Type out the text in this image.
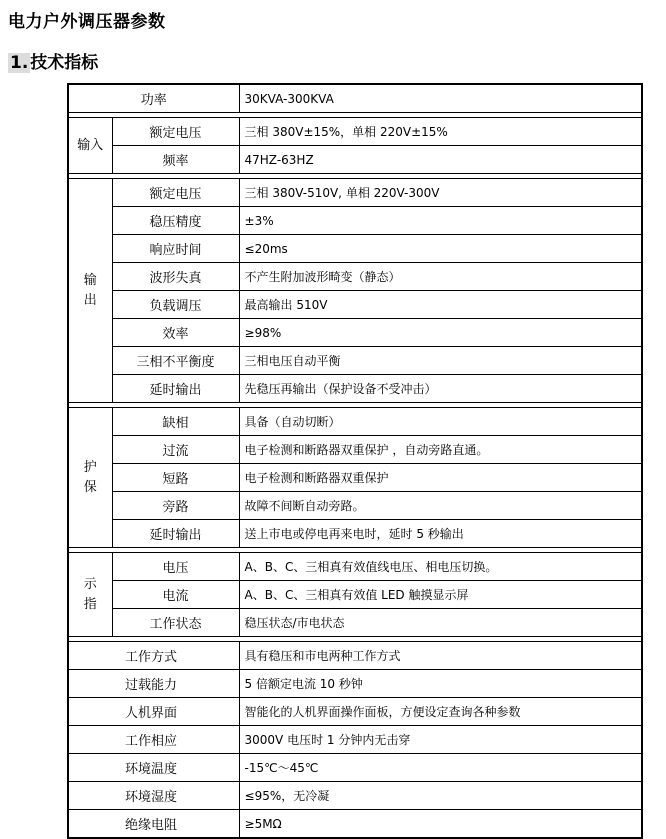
电力户外调压器参数
1. 技术指标
功率		30KVA-300KVA

输入	额定电压	三相 380V±15%，单相 220V±15%
	频率	47HZ-63HZ

输
出	额定电压	三相 380V-510V, 单相 220V-300V
	稳压精度	±3%
	响应时间	≤20ms
	波形失真	不产生附加波形畸变（静态）
	负载调压	最高输出 510V
	效率	≥98%
	三相不平衡度	三相电压自动平衡
	延时输出	先稳压再输出（保护设备不受冲击）

护
保	缺相	具备（自动切断）
	过流	电子检测和断路器双重保护 ，自动旁路直通。
	短路	电子检测和断路器双重保护
	旁路	故障不间断自动旁路。
	延时输出	送上市电或停电再来电时，延时 5 秒输出

示
指	电压	A、B、C、三相真有效值线电压、相电压切换。
	电流	A、B、C、三相真有效值 LED 触摸显示屏
	工作状态	稳压状态/市电状态

工作方式		具有稳压和市电两种工作方式
过载能力		5 倍额定电流 10 秒钟
人机界面		智能化的人机界面操作面板，方便设定查询各种参数
工作相应		3000V 电压时 1 分钟内无击穿
环境温度		-15℃～45℃
环境湿度		≤95%，无冷凝
绝缘电阻		≥5MΩ
